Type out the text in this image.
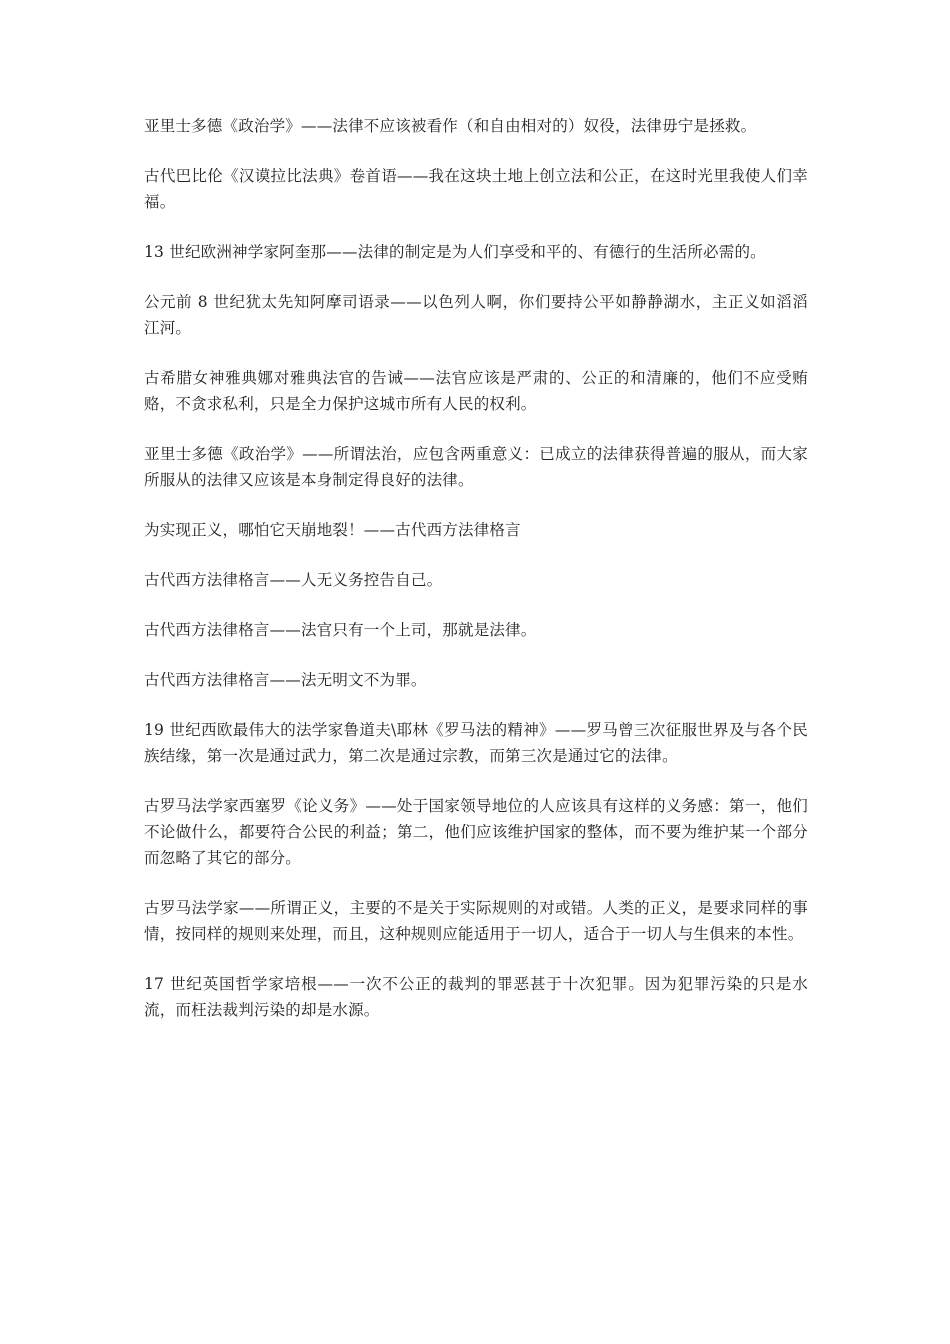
亚里士多德《政治学》——法律不应该被看作（和自由相对的）奴役，法律毋宁是拯救。

古代巴比伦《汉谟拉比法典》卷首语——我在这块土地上创立法和公正，在这时光里我使人们幸福。

13 世纪欧洲神学家阿奎那——法律的制定是为人们享受和平的、有德行的生活所必需的。

公元前 8 世纪犹太先知阿摩司语录——以色列人啊，你们要持公平如静静湖水，主正义如滔滔江河。

古希腊女神雅典娜对雅典法官的告诫——法官应该是严肃的、公正的和清廉的，他们不应受贿赂，不贪求私利，只是全力保护这城市所有人民的权利。

亚里士多德《政治学》——所谓法治，应包含两重意义：已成立的法律获得普遍的服从，而大家所服从的法律又应该是本身制定得良好的法律。

为实现正义，哪怕它天崩地裂！——古代西方法律格言

古代西方法律格言——人无义务控告自己。

古代西方法律格言——法官只有一个上司，那就是法律。

古代西方法律格言——法无明文不为罪。

19 世纪西欧最伟大的法学家鲁道夫\耶林《罗马法的精神》——罗马曾三次征服世界及与各个民族结缘，第一次是通过武力，第二次是通过宗教，而第三次是通过它的法律。

古罗马法学家西塞罗《论义务》——处于国家领导地位的人应该具有这样的义务感：第一，他们不论做什么，都要符合公民的利益；第二，他们应该维护国家的整体，而不要为维护某一个部分而忽略了其它的部分。

古罗马法学家——所谓正义，主要的不是关于实际规则的对或错。人类的正义，是要求同样的事情，按同样的规则来处理，而且，这种规则应能适用于一切人，适合于一切人与生俱来的本性。

17 世纪英国哲学家培根——一次不公正的裁判的罪恶甚于十次犯罪。因为犯罪污染的只是水流，而枉法裁判污染的却是水源。
